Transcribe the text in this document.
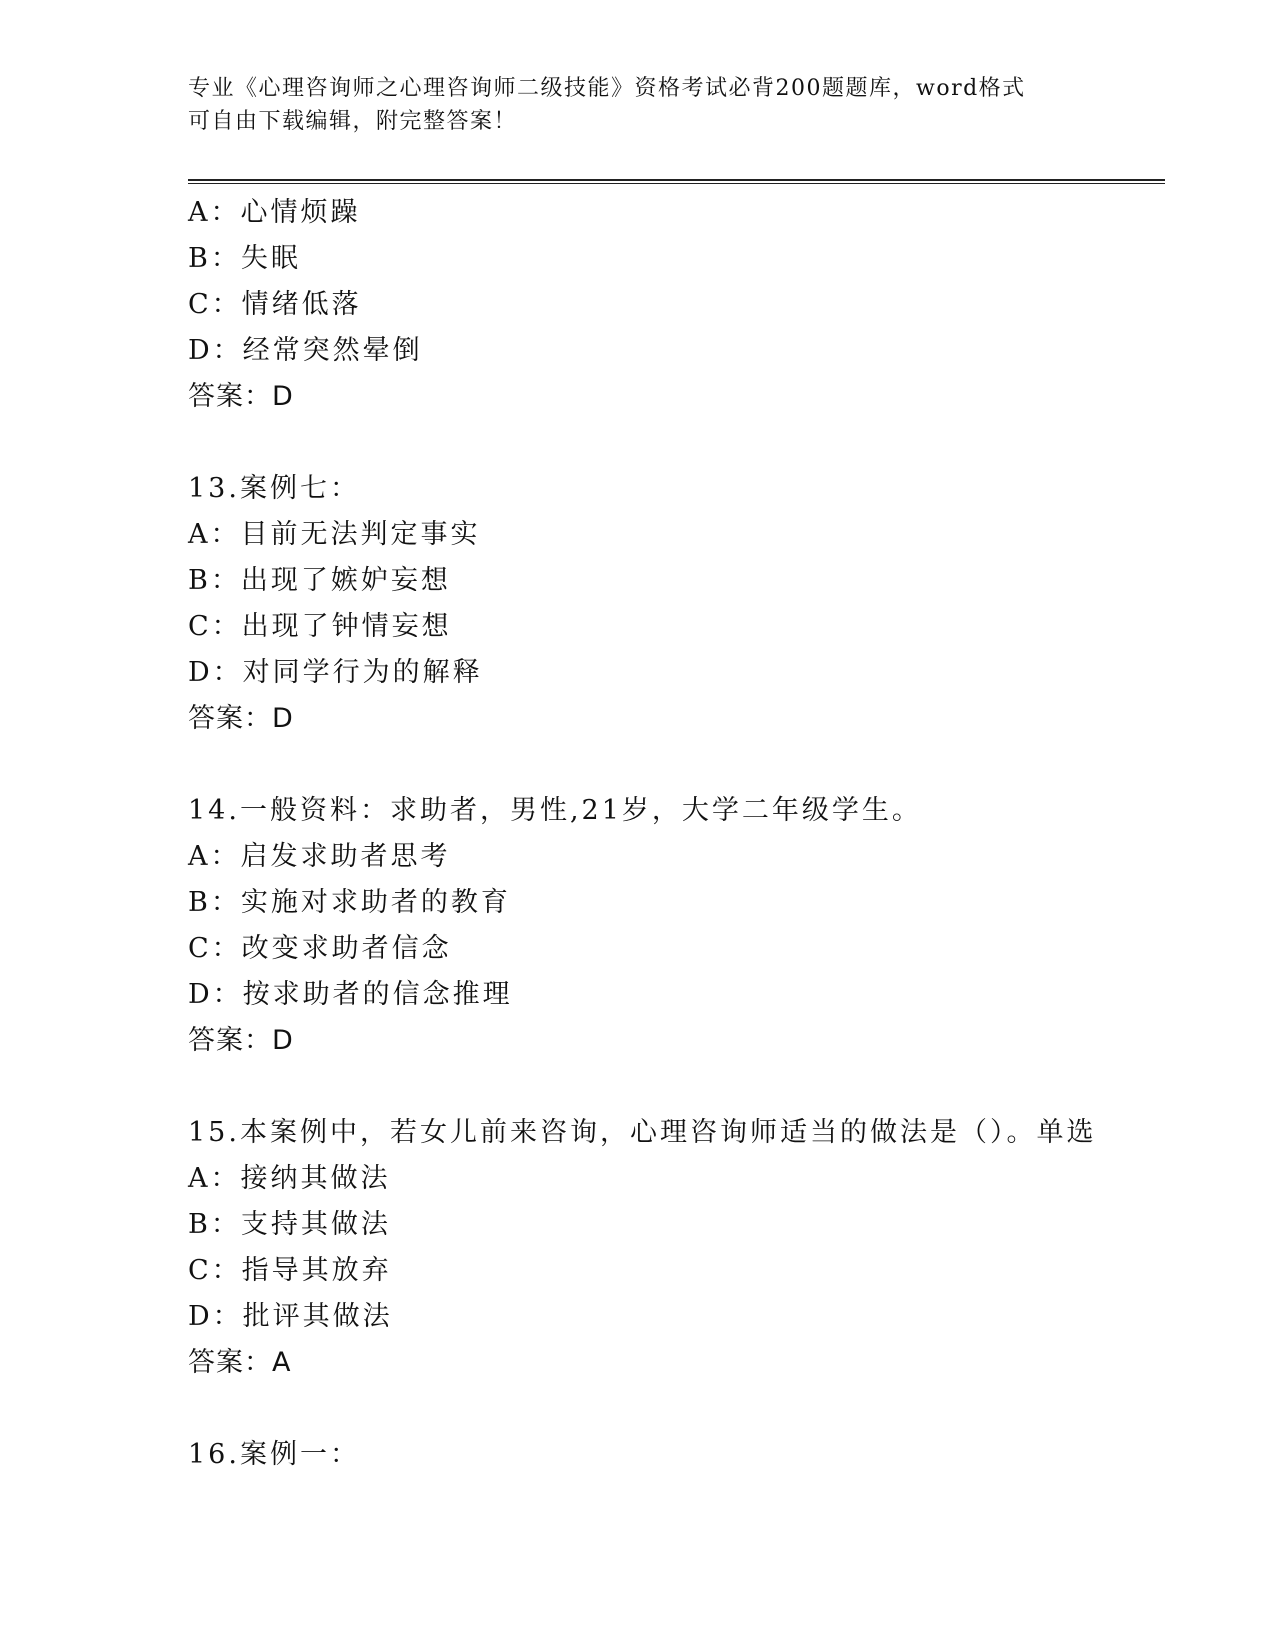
专业《心理咨询师之心理咨询师二级技能》资格考试必背200题题库，word格式
可自由下载编辑，附完整答案！
A：心情烦躁
B：失眠
C：情绪低落
D：经常突然晕倒
答案：D
13.案例七：
A：目前无法判定事实
B：出现了嫉妒妄想
C：出现了钟情妄想
D：对同学行为的解释
答案：D
14.一般资料：求助者，男性,21岁，大学二年级学生。
A：启发求助者思考
B：实施对求助者的教育
C：改变求助者信念
D：按求助者的信念推理
答案：D
15.本案例中，若女儿前来咨询，心理咨询师适当的做法是（）。单选
A：接纳其做法
B：支持其做法
C：指导其放弃
D：批评其做法
答案：A
16.案例一：
